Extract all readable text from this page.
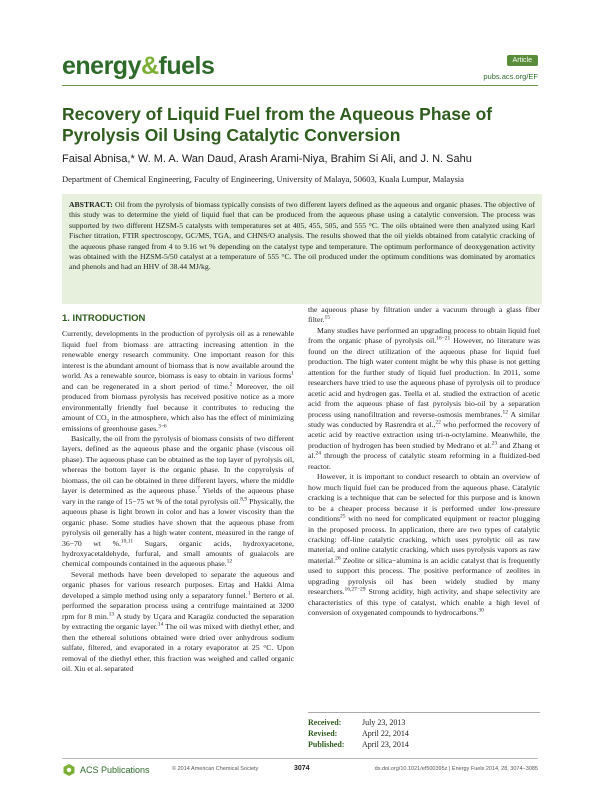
energy&fuels	Article
pubs.acs.org/EF
Recovery of Liquid Fuel from the Aqueous Phase of Pyrolysis Oil Using Catalytic Conversion
Faisal Abnisa,* W. M. A. Wan Daud, Arash Arami-Niya, Brahim Si Ali, and J. N. Sahu
Department of Chemical Engineering, Faculty of Engineering, University of Malaya, 50603, Kuala Lumpur, Malaysia
ABSTRACT: Oil from the pyrolysis of biomass typically consists of two different layers defined as the aqueous and organic phases. The objective of this study was to determine the yield of liquid fuel that can be produced from the aqueous phase using a catalytic conversion. The process was supported by two different HZSM-5 catalysts with temperatures set at 405, 455, 505, and 555 °C. The oils obtained were then analyzed using Karl Fischer titration, FTIR spectroscopy, GC/MS, TGA, and CHNS/O analysis. The results showed that the oil yields obtained from catalytic cracking of the aqueous phase ranged from 4 to 9.16 wt % depending on the catalyst type and temperature. The optimum performance of deoxygenation activity was obtained with the HZSM-5/50 catalyst at a temperature of 555 °C. The oil produced under the optimum conditions was dominated by aromatics and phenols and had an HHV of 38.44 MJ/kg.

1. INTRODUCTION

Currently, developments in the production of pyrolysis oil as a renewable liquid fuel from biomass are attracting increasing attention in the renewable energy research community. One important reason for this interest is the abundant amount of biomass that is now available around the world. As a renewable source, biomass is easy to obtain in various forms$^1$ and can be regenerated in a short period of time.$^2$ Moreover, the oil produced from biomass pyrolysis has received positive notice as a more environmentally friendly fuel because it contributes to reducing the amount of $CO_2$ in the atmosphere, which also has the effect of minimizing emissions of greenhouse gases.$^{3-6}$

Basically, the oil from the pyrolysis of biomass consists of two different layers, defined as the aqueous phase and the organic phase (viscous oil phase). The aqueous phase can be obtained as the top layer of pyrolysis oil, whereas the bottom layer is the organic phase. In the copyrolysis of biomass, the oil can be obtained in three different layers, where the middle layer is determined as the aqueous phase.$^7$ Yields of the aqueous phase vary in the range of 15−75 wt % of the total pyrolysis oil.$^{8,9}$ Physically, the aqueous phase is light brown in color and has a lower viscosity than the organic phase. Some studies have shown that the aqueous phase from pyrolysis oil generally has a high water content, measured in the range of 36−70 wt %.$^{10,11}$ Sugars, organic acids, hydroxyacetone, hydroxyacetaldehyde, furfural, and small amounts of guaiacols are chemical compounds contained in the aqueous phase.$^{12}$

Several methods have been developed to separate the aqueous and organic phases for various research purposes. Ertaş and Hakki Alma developed a simple method using only a separatory funnel.$^1$ Bertero et al. performed the separation process using a centrifuge maintained at 3200 rpm for 8 min.$^{13}$ A study by Uçara and Karagöz conducted the separation by extracting the organic layer.$^{14}$ The oil was mixed with diethyl ether, and then the ethereal solutions obtained were dried over anhydrous sodium sulfate, filtered, and evaporated in a rotary evaporator at 25 °C. Upon removal of the diethyl ether, this fraction was weighed and called organic oil. Xiu et al. separated

the aqueous phase by filtration under a vacuum through a glass fiber filter.$^{15}$

Many studies have performed an upgrading process to obtain liquid fuel from the organic phase of pyrolysis oil.$^{16-21}$ However, no literature was found on the direct utilization of the aqueous phase for liquid fuel production. The high water content might be why this phase is not getting attention for the further study of liquid fuel production. In 2011, some researchers have tried to use the aqueous phase of pyrolysis oil to produce acetic acid and hydrogen gas. Teella et al. studied the extraction of acetic acid from the aqueous phase of fast pyrolysis bio-oil by a separation process using nanofiltration and reverse-osmosis membranes.$^{12}$ A similar study was conducted by Rasrendra et al.,$^{22}$ who performed the recovery of acetic acid by reactive extraction using tri-n-octylamine. Meanwhile, the production of hydrogen has been studied by Medrano et al.$^{23}$ and Zhang et al.$^{24}$ through the process of catalytic steam reforming in a fluidized-bed reactor.

However, it is important to conduct research to obtain an overview of how much liquid fuel can be produced from the aqueous phase. Catalytic cracking is a technique that can be selected for this purpose and is known to be a cheaper process because it is performed under low-pressure conditions$^{25}$ with no need for complicated equipment or reactor plugging in the proposed process. In application, there are two types of catalytic cracking: off-line catalytic cracking, which uses pyrolytic oil as raw material, and online catalytic cracking, which uses pyrolysis vapors as raw material.$^{26}$ Zeolite or silica−alumina is an acidic catalyst that is frequently used to support this process. The positive performance of zeolites in upgrading pyrolysis oil has been widely studied by many researchers.$^{16,27-29}$ Strong acidity, high activity, and shape selectivity are characteristics of this type of catalyst, which enable a high level of conversion of oxygenated compounds to hydrocarbons.$^{30}$

Received:	July 23, 2013
Revised:	April 22, 2014
Published: April 23, 2014
ACS Publications	© 2014 American Chemical Society	3074	dx.doi.org/10.1021/ef500395z | Energy Fuels 2014, 28, 3074−3085
